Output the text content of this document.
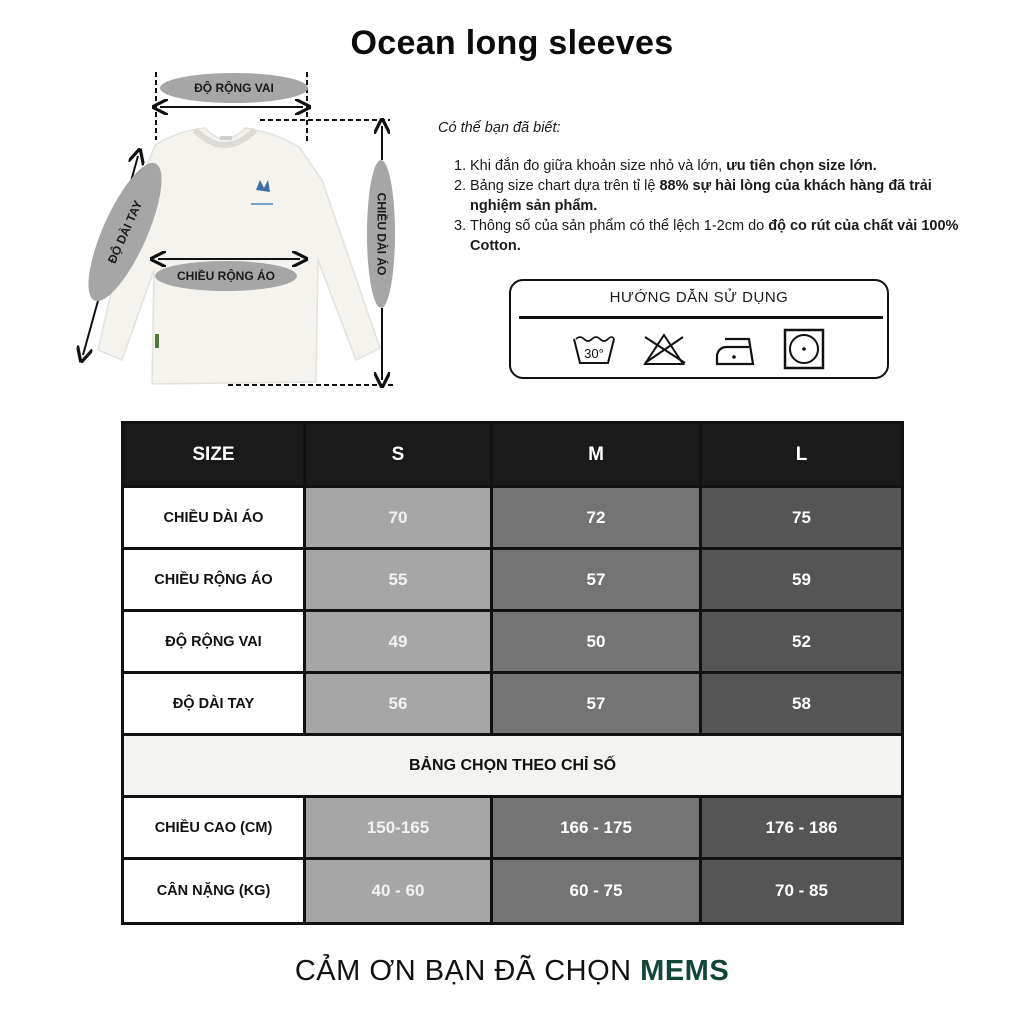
Ocean long sleeves
ĐỘ RỘNG VAI
CHIỀU RỘNG ÁO
CHIỀU DÀI ÁO
ĐỘ DÀI TAY
Có thể bạn đã biết:
1. Khi đắn đo giữa khoản size nhỏ và lớn, ưu tiên chọn size lớn.
2. Bảng size chart dựa trên tỉ lệ 88% sự hài lòng của khách hàng đã trải nghiệm sản phẩm.
3. Thông số của sản phẩm có thể lệch 1-2cm do độ co rút của chất vải 100% Cotton.
HƯỚNG DẪN SỬ DỤNG
30°
SIZE	S	M	L
CHIỀU DÀI ÁO	70	72	75
CHIỀU RỘNG ÁO	55	57	59
ĐỘ RỘNG VAI	49	50	52
ĐỘ DÀI TAY	56	57	58
BẢNG CHỌN THEO CHỈ SỐ
CHIỀU CAO (CM)	150-165	166 - 175	176 - 186
CÂN NẶNG (KG)	40 - 60	60 - 75	70 - 85
CẢM ƠN BẠN ĐÃ CHỌN MEMS
